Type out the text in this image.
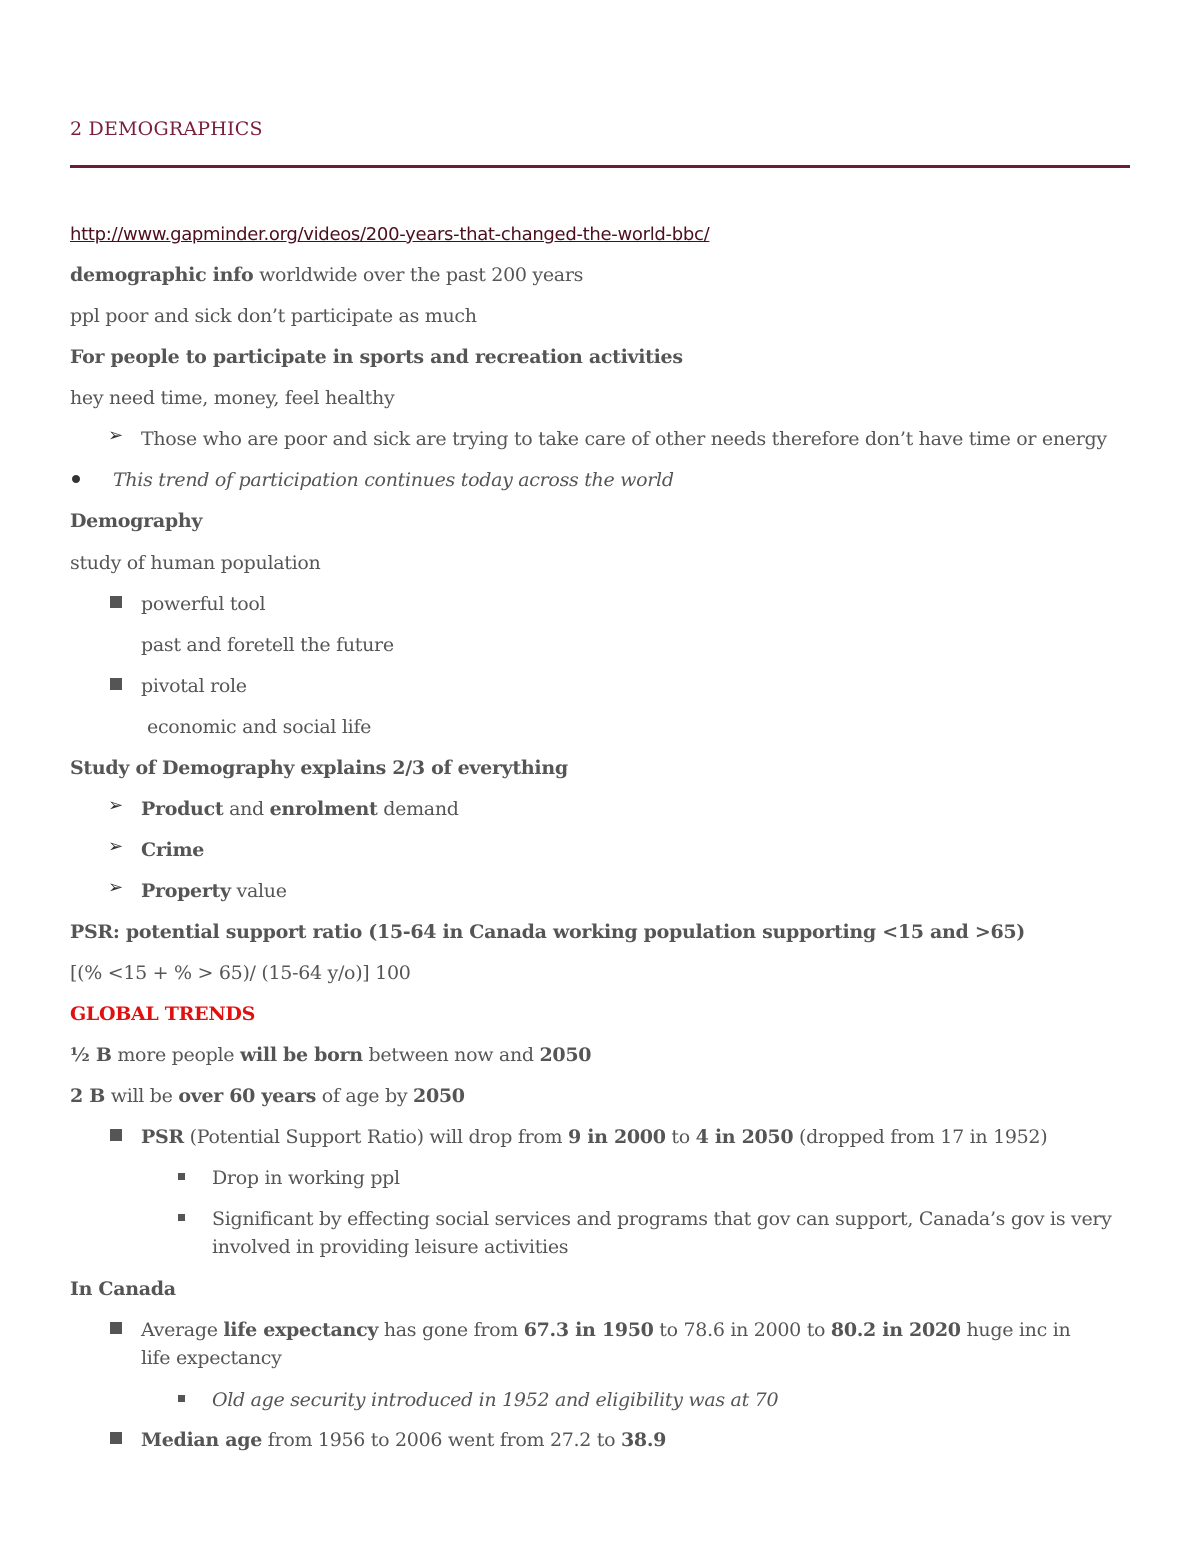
2 DEMOGRAPHICS
http://www.gapminder.org/videos/200-years-that-changed-the-world-bbc/
demographic info worldwide over the past 200 years
ppl poor and sick don’t participate as much
For people to participate in sports and recreation activities
hey need time, money, feel healthy
➢ Those who are poor and sick are trying to take care of other needs therefore don’t have time or energy
This trend of participation continues today across the world
Demography
study of human population
powerful tool
past and foretell the future
pivotal role
economic and social life
Study of Demography explains 2/3 of everything
➢ Product and enrolment demand
➢ Crime
➢ Property value
PSR: potential support ratio (15-64 in Canada working population supporting <15 and >65)
[(% <15 + % > 65)/ (15-64 y/o)] 100
GLOBAL TRENDS
½ B more people will be born between now and 2050
2 B will be over 60 years of age by 2050
PSR (Potential Support Ratio) will drop from 9 in 2000 to 4 in 2050 (dropped from 17 in 1952)
Drop in working ppl
Significant by effecting social services and programs that gov can support, Canada’s gov is very involved in providing leisure activities
In Canada
Average life expectancy has gone from 67.3 in 1950 to 78.6 in 2000 to 80.2 in 2020 huge inc in life expectancy
Old age security introduced in 1952 and eligibility was at 70
Median age from 1956 to 2006 went from 27.2 to 38.9
